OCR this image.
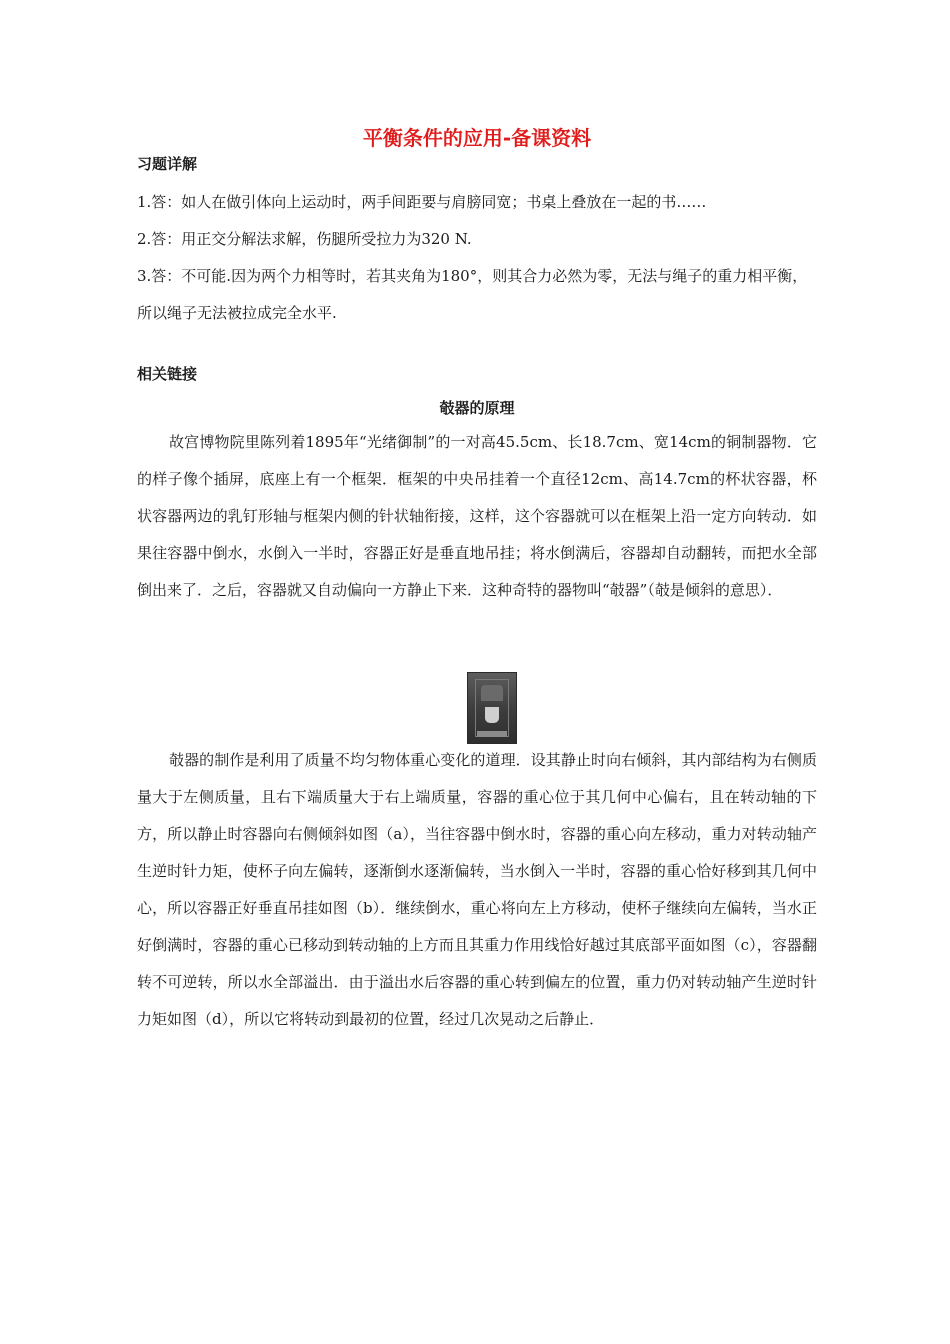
平衡条件的应用-备课资料
习题详解

1.答：如人在做引体向上运动时，两手间距要与肩膀同宽；书桌上叠放在一起的书……

2.答：用正交分解法求解，伤腿所受拉力为320 N.

3.答：不可能.因为两个力相等时，若其夹角为180°，则其合力必然为零，无法与绳子的重力相平衡，所以绳子无法被拉成完全水平.

相关链接
攲器的原理

故宫博物院里陈列着1895年“光绪御制”的一对高45.5cm、长18.7cm、宽14cm的铜制器物．它的样子像个插屏，底座上有一个框架．框架的中央吊挂着一个直径12cm、高14.7cm的杯状容器，杯状容器两边的乳钉形轴与框架内侧的针状轴衔接，这样，这个容器就可以在框架上沿一定方向转动．如果往容器中倒水，水倒入一半时，容器正好是垂直地吊挂；将水倒满后，容器却自动翻转，而把水全部倒出来了．之后，容器就又自动偏向一方静止下来．这种奇特的器物叫“攲器”（攲是倾斜的意思）．

攲器的制作是利用了质量不均匀物体重心变化的道理．设其静止时向右倾斜，其内部结构为右侧质量大于左侧质量，且右下端质量大于右上端质量，容器的重心位于其几何中心偏右，且在转动轴的下方，所以静止时容器向右侧倾斜如图（a），当往容器中倒水时，容器的重心向左移动，重力对转动轴产生逆时针力矩，使杯子向左偏转，逐渐倒水逐渐偏转，当水倒入一半时，容器的重心恰好移到其几何中心，所以容器正好垂直吊挂如图（b）．继续倒水，重心将向左上方移动，使杯子继续向左偏转，当水正好倒满时，容器的重心已移动到转动轴的上方而且其重力作用线恰好越过其底部平面如图（c），容器翻转不可逆转，所以水全部溢出．由于溢出水后容器的重心转到偏左的位置，重力仍对转动轴产生逆时针力矩如图（d），所以它将转动到最初的位置，经过几次晃动之后静止．
